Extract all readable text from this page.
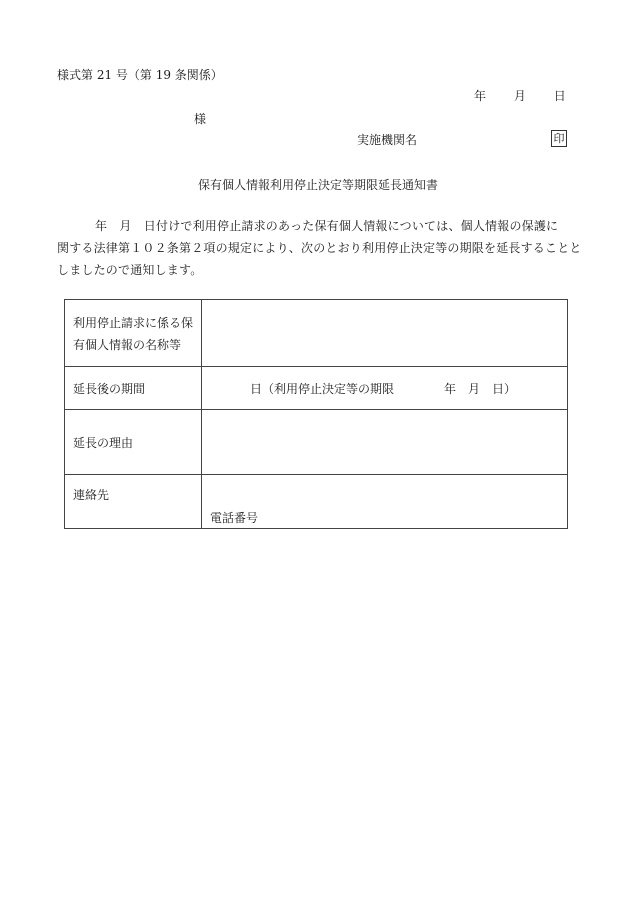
様式第 21 号（第 19 条関係）
年 月 日
様
実施機関名	印
保有個人情報利用停止決定等期限延長通知書
年　月　日付けで利用停止請求のあった保有個人情報については、個人情報の保護に
関する法律第１０２条第２項の規定により、次のとおり利用停止決定等の期限を延長することと
しましたので通知します。
利用停止請求に係る保
有個人情報の名称等	

延長後の期間	日（利用停止決定等の期限 年　月　日）

延長の理由	
連絡先	電話番号
